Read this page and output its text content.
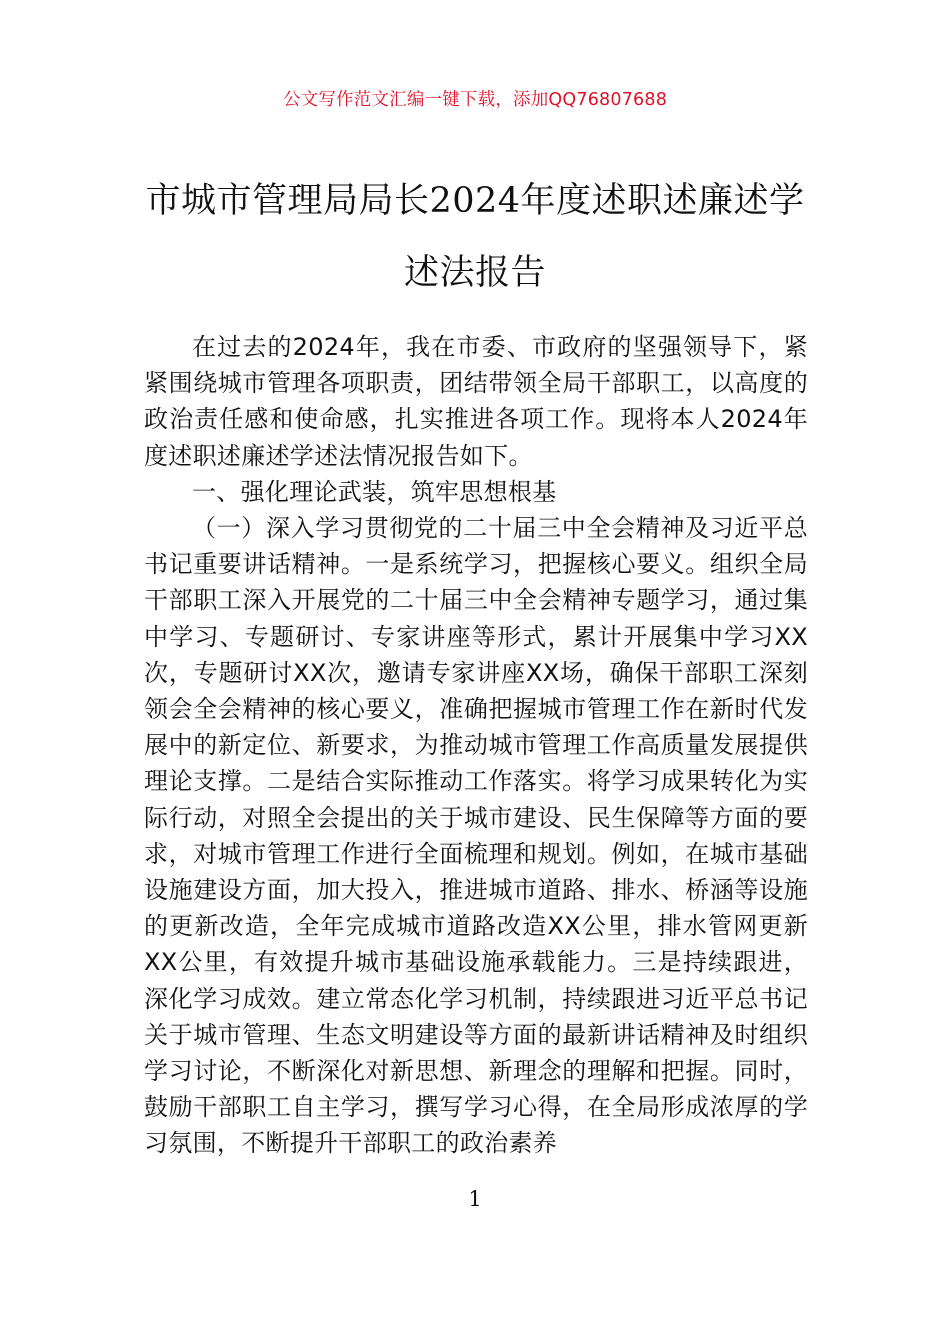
公文写作范文汇编一键下载，添加QQ76807688
市城市管理局局长2024年度述职述廉述学
述法报告

在过去的2024年，我在市委、市政府的坚强领导下，紧紧围绕城市管理各项职责，团结带领全局干部职工，以高度的政治责任感和使命感，扎实推进各项工作。现将本人2024年度述职述廉述学述法情况报告如下。

一、强化理论武装，筑牢思想根基

（一）深入学习贯彻党的二十届三中全会精神及习近平总书记重要讲话精神。一是系统学习，把握核心要义。组织全局干部职工深入开展党的二十届三中全会精神专题学习，通过集中学习、专题研讨、专家讲座等形式，累计开展集中学习XX次，专题研讨XX次，邀请专家讲座XX场，确保干部职工深刻领会全会精神的核心要义，准确把握城市管理工作在新时代发展中的新定位、新要求，为推动城市管理工作高质量发展提供理论支撑。二是结合实际推动工作落实。将学习成果转化为实际行动，对照全会提出的关于城市建设、民生保障等方面的要求，对城市管理工作进行全面梳理和规划。例如，在城市基础设施建设方面，加大投入，推进城市道路、排水、桥涵等设施的更新改造，全年完成城市道路改造XX公里，排水管网更新XX公里，有效提升城市基础设施承载能力。三是持续跟进，深化学习成效。建立常态化学习机制，持续跟进习近平总书记关于城市管理、生态文明建设等方面的最新讲话精神及时组织学习讨论，不断深化对新思想、新理念的理解和把握。同时，鼓励干部职工自主学习，撰写学习心得，在全局形成浓厚的学习氛围，不断提升干部职工的政治素养

1
